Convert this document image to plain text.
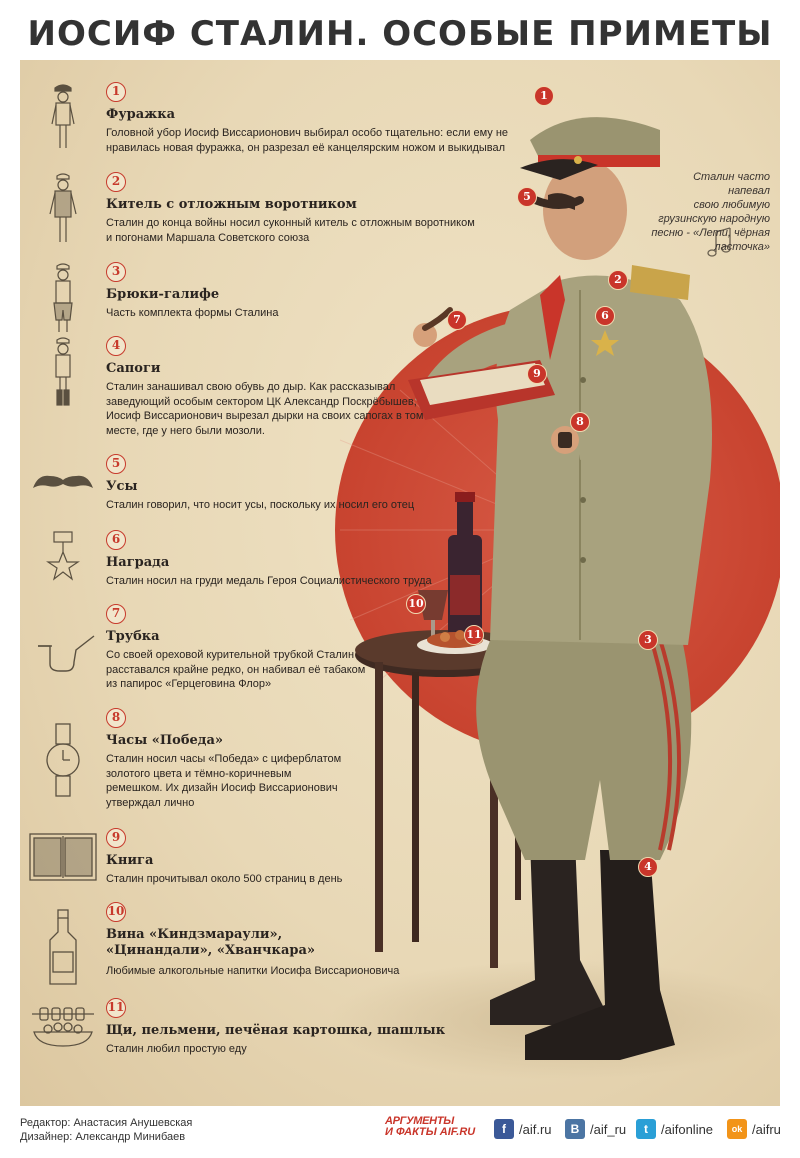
ИОСИФ СТАЛИН. ОСОБЫЕ ПРИМЕТЫ
1
2
3
4
5
6
7
8
9
10
11
Сталин часто напевал
свою любимую
грузинскую народную
песню - «Лети, чёрная
ласточка»
1
Фуражка
Головной убор Иосиф Виссарионович выбирал особо тщательно: если ему не
нравилась новая фуражка, он разрезал её канцелярским ножом и выкидывал
2
Китель с отложным воротником
Сталин до конца войны носил суконный китель с отложным воротником
и погонами Маршала Советского союза
3
Брюки-галифе
Часть комплекта формы Сталина
4
Сапоги
Сталин занашивал свою обувь до дыр. Как рассказывал
заведующий особым сектором ЦК Александр Поскрёбышев,
Иосиф Виссарионович вырезал дырки на своих сапогах в том
месте, где у него были мозоли.
5
Усы
Сталин говорил, что носит усы, поскольку их носил его отец
6
Награда
Сталин носил на груди медаль Героя Социалистического труда
7
Трубка
Со своей ореховой курительной трубкой Сталин
расставался крайне редко, он набивал её табаком
из папирос «Герцеговина Флор»
8
Часы «Победа»
Сталин носил часы «Победа» с циферблатом
золотого цвета и тёмно-коричневым
ремешком. Их дизайн Иосиф Виссарионович
утверждал лично
9
Книга
Сталин прочитывал около 500 страниц в день
10
Вина «Киндзмараули»,
«Цинандали», «Хванчкара»
Любимые алкогольные напитки Иосифа Виссарионовича
11
Щи, пельмени, печёная картошка, шашлык
Сталин любил простую еду
Редактор: Анастасия Анушевская
Дизайнер: Александр Минибаев
АРГУМЕНТЫ
И ФАКТЫ AIF.RU	f	/aif.ru	B /aif_ru	t	/aifonline	ok /aifru
